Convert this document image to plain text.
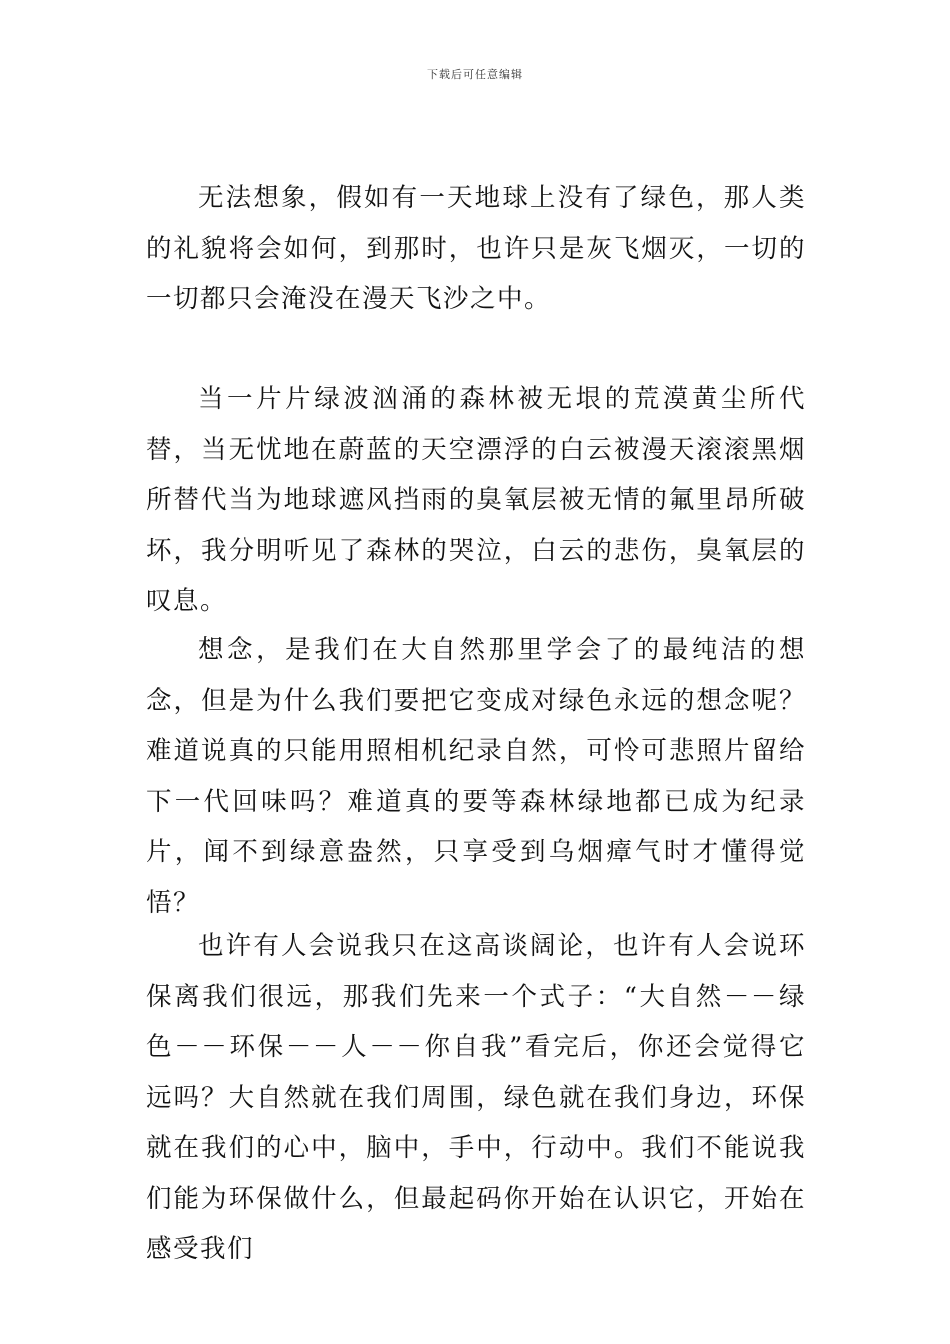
下载后可任意编辑

无法想象，假如有一天地球上没有了绿色，那人类的礼貌将会如何，到那时，也许只是灰飞烟灭，一切的一切都只会淹没在漫天飞沙之中。

当一片片绿波汹涌的森林被无垠的荒漠黄尘所代替，当无忧地在蔚蓝的天空漂浮的白云被漫天滚滚黑烟所替代当为地球遮风挡雨的臭氧层被无情的氟里昂所破坏，我分明听见了森林的哭泣，白云的悲伤，臭氧层的叹息。

想念，是我们在大自然那里学会了的最纯洁的想念，但是为什么我们要把它变成对绿色永远的想念呢？难道说真的只能用照相机纪录自然，可怜可悲照片留给下一代回味吗？难道真的要等森林绿地都已成为纪录片，闻不到绿意盎然，只享受到乌烟瘴气时才懂得觉悟？

也许有人会说我只在这高谈阔论，也许有人会说环保离我们很远，那我们先来一个式子：“大自然－－绿色－－环保－－人－－你自我”看完后，你还会觉得它远吗？大自然就在我们周围，绿色就在我们身边，环保就在我们的心中，脑中，手中，行动中。我们不能说我们能为环保做什么，但最起码你开始在认识它，开始在感受我们
